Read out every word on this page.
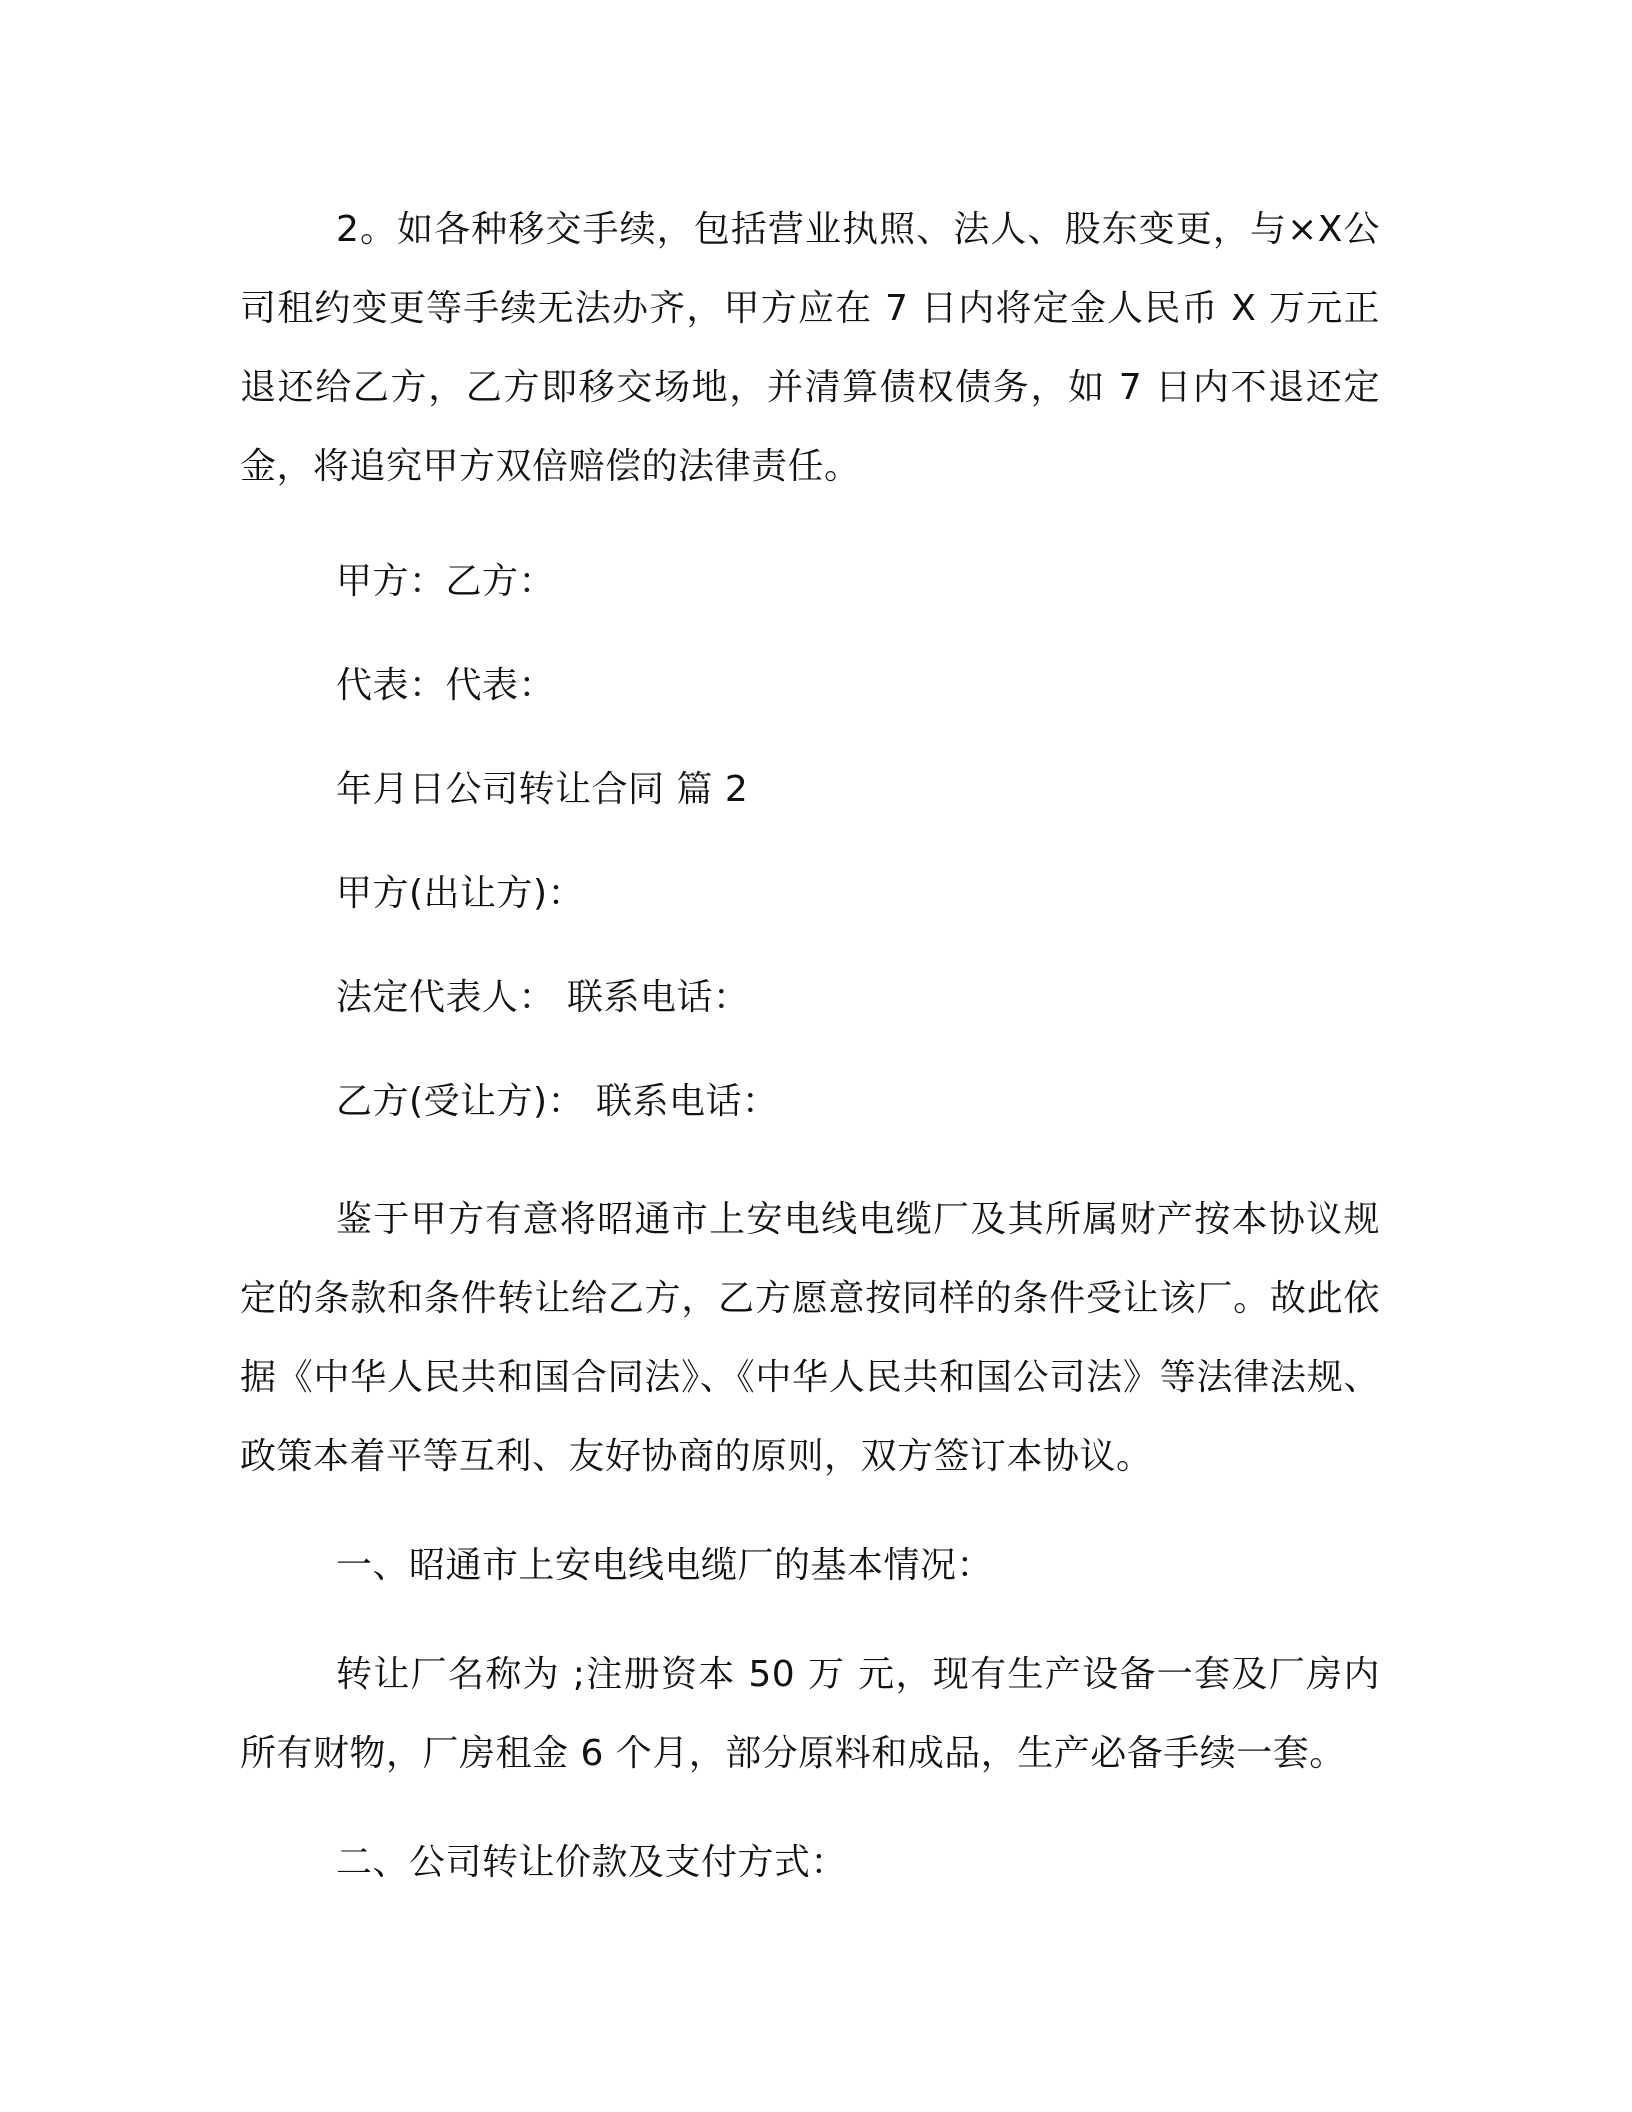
2。如各种移交手续，包括营业执照、法人、股东变更，与×X公司租约变更等手续无法办齐，甲方应在 7 日内将定金人民币 X 万元正退还给乙方，乙方即移交场地，并清算债权债务，如 7 日内不退还定金，将追究甲方双倍赔偿的法律责任。

甲方：乙方：

代表：代表：

年月日公司转让合同 篇 2

甲方(出让方)：

法定代表人： 联系电话：

乙方(受让方)： 联系电话：

鉴于甲方有意将昭通市上安电线电缆厂及其所属财产按本协议规定的条款和条件转让给乙方，乙方愿意按同样的条件受让该厂。故此依据《中华人民共和国合同法》、《中华人民共和国公司法》等法律法规、政策本着平等互利、友好协商的原则，双方签订本协议。

一、昭通市上安电线电缆厂的基本情况：

转让厂名称为 ;注册资本 50 万 元，现有生产设备一套及厂房内所有财物，厂房租金 6 个月，部分原料和成品，生产必备手续一套。

二、公司转让价款及支付方式：
